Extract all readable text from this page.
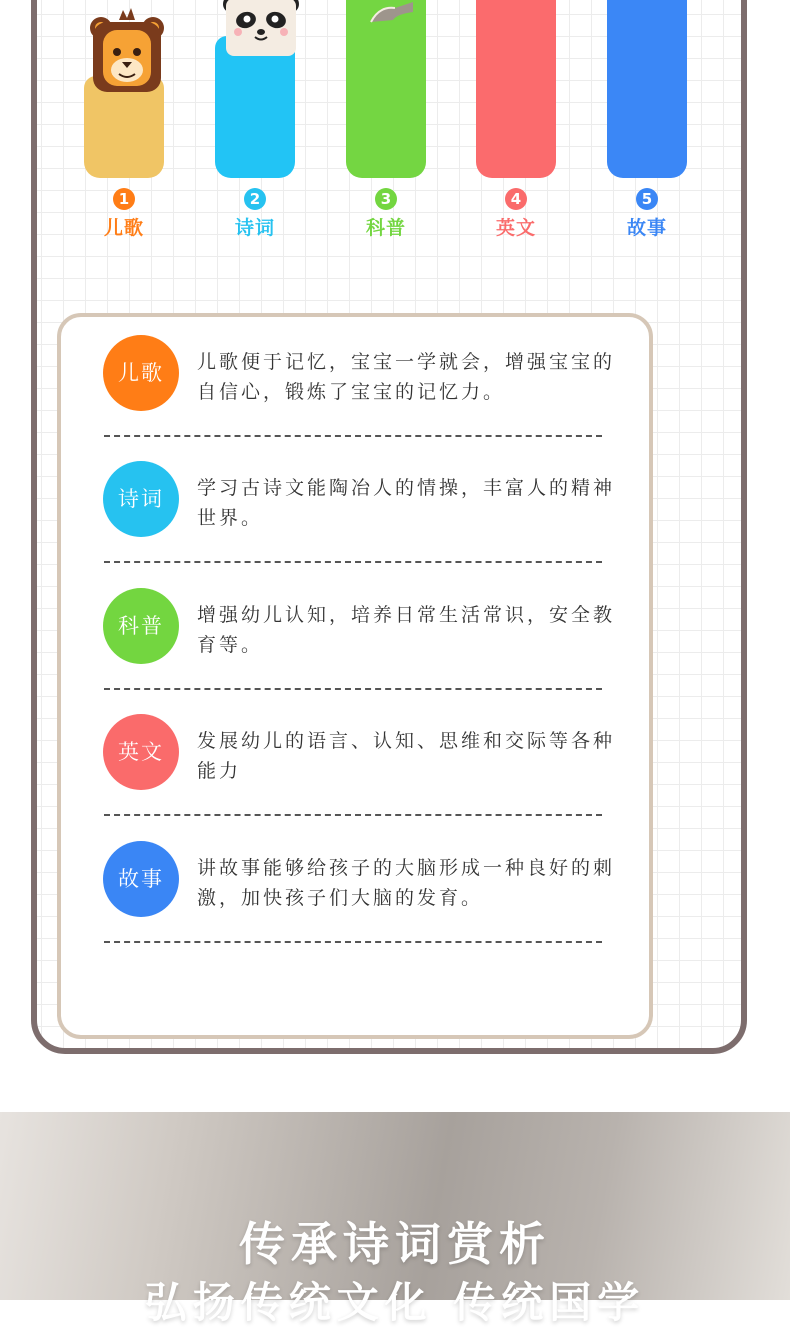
1
儿歌
2
诗词
3
科普
4
英文
5
故事
儿歌	儿歌便于记忆，宝宝一学就会，增强宝宝的自信心，锻炼了宝宝的记忆力。
诗词	学习古诗文能陶冶人的情操，丰富人的精神世界。
科普	增强幼儿认知，培养日常生活常识，安全教育等。
英文	发展幼儿的语言、认知、思维和交际等各种能力
故事	讲故事能够给孩子的大脑形成一种良好的刺激，加快孩子们大脑的发育。
传承诗词赏析
弘扬传统文化 传统国学
